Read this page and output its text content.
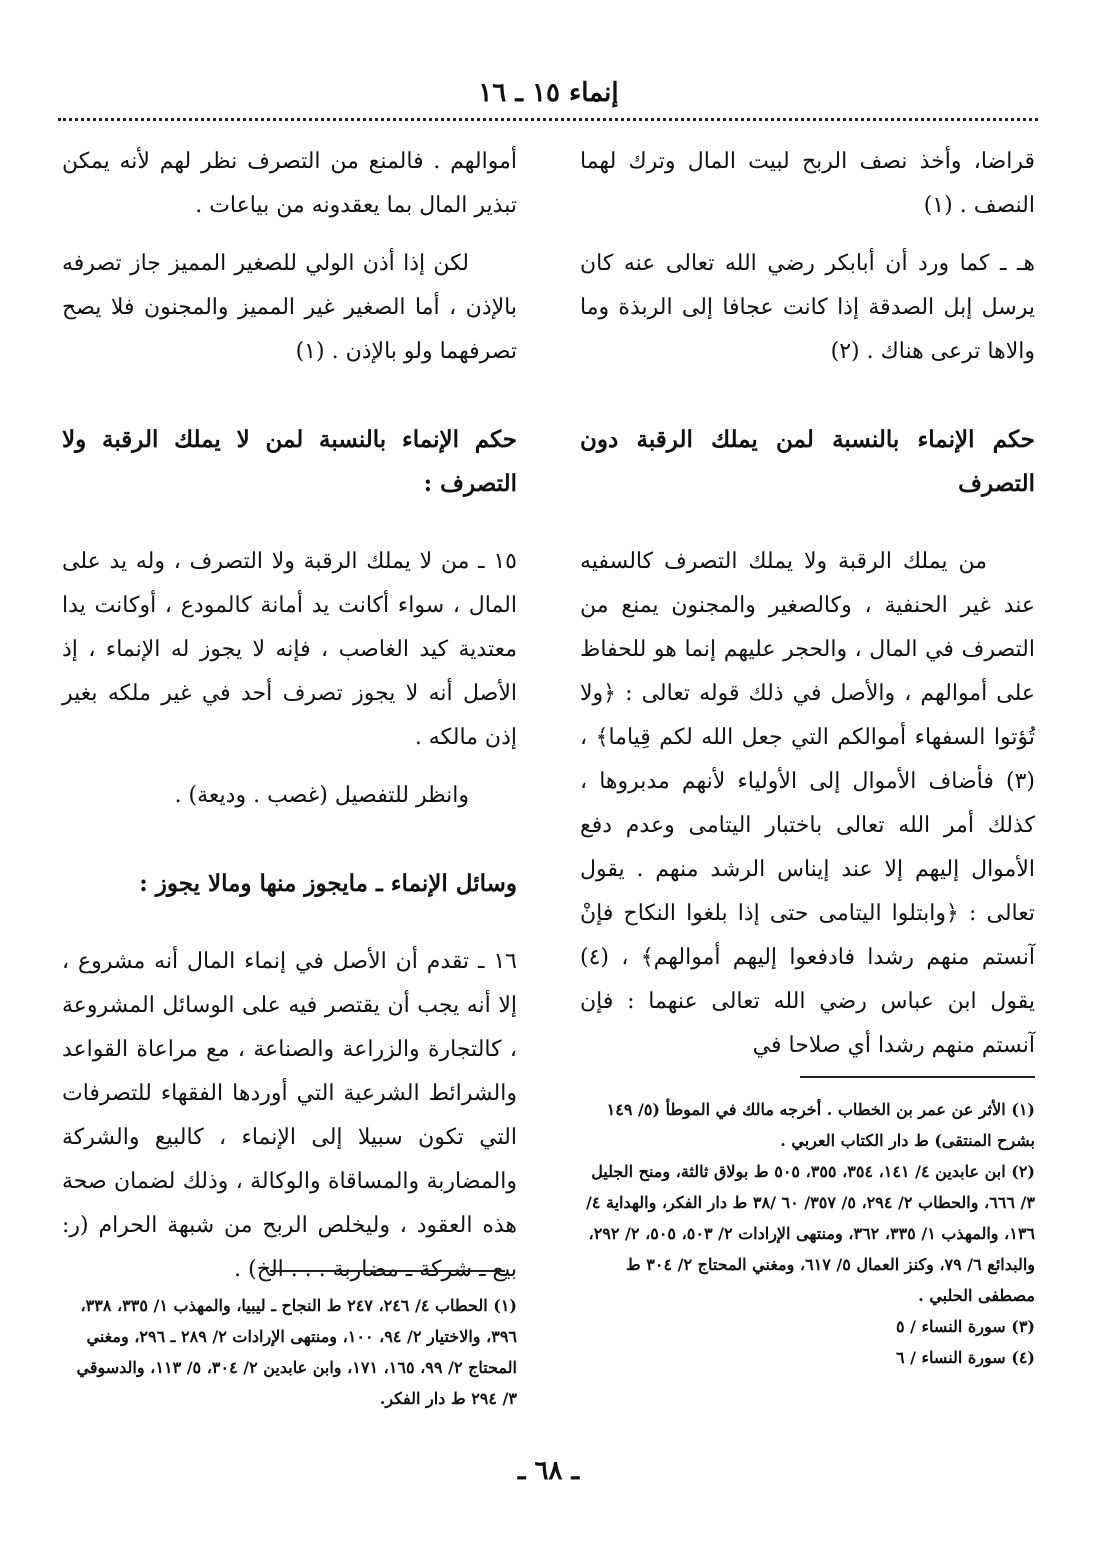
إنماء ١٥ ـ ١٦

قراضا، وأخذ نصف الربح لبيت المال وترك لهما النصف . (١)

هـ ـ كما ورد أن أبابكر رضي الله تعالى عنه كان يرسل إبل الصدقة إذا كانت عجافا إلى الربذة وما والاها ترعى هناك . (٢)

حكم الإنماء بالنسبة لمن يملك الرقبة دون التصرف

من يملك الرقبة ولا يملك التصرف كالسفيه عند غير الحنفية ، وكالصغير والمجنون يمنع من التصرف في المال ، والحجر عليهم إنما هو للحفاظ على أموالهم ، والأصل في ذلك قوله تعالى : ﴿ولا تُؤتوا السفهاء أموالكم التي جعل الله لكم قِياما﴾ ، (٣) فأضاف الأموال إلى الأولياء لأنهم مدبروها ، كذلك أمر الله تعالى باختبار اليتامى وعدم دفع الأموال إليهم إلا عند إيناس الرشد منهم . يقول تعالى : ﴿وابتلوا اليتامى حتى إذا بلغوا النكاح فإنْ آنستم منهم رشدا فادفعوا إليهم أموالهم﴾ ، (٤) يقول ابن عباس رضي الله تعالى عنهما : فإن آنستم منهم رشدا أي صلاحا في

أموالهم . فالمنع من التصرف نظر لهم لأنه يمكن تبذير المال بما يعقدونه من بياعات .

لكن إذا أذن الولي للصغير المميز جاز تصرفه بالإذن ، أما الصغير غير المميز والمجنون فلا يصح تصرفهما ولو بالإذن . (١)

حكم الإنماء بالنسبة لمن لا يملك الرقبة ولا التصرف :

١٥ ـ من لا يملك الرقبة ولا التصرف ، وله يد على المال ، سواء أكانت يد أمانة كالمودع ، أوكانت يدا معتدية كيد الغاصب ، فإنه لا يجوز له الإنماء ، إذ الأصل أنه لا يجوز تصرف أحد في غير ملكه بغير إذن مالكه .

وانظر للتفصيل (غصب . وديعة) .

وسائل الإنماء ـ مايجوز منها ومالا يجوز :

١٦ ـ تقدم أن الأصل في إنماء المال أنه مشروع ، إلا أنه يجب أن يقتصر فيه على الوسائل المشروعة ، كالتجارة والزراعة والصناعة ، مع مراعاة القواعد والشرائط الشرعية التي أوردها الفقهاء للتصرفات التي تكون سبيلا إلى الإنماء ، كالبيع والشركة والمضاربة والمساقاة والوكالة ، وذلك لضمان صحة هذه العقود ، وليخلص الربح من شبهة الحرام (ر: بيع ـ شركة ـ مضاربة . . . الخ) .

(١) الأثر عن عمر بن الخطاب . أخرجه مالك في الموطأ (٥/ ١٤٩ بشرح المنتقى) ط دار الكتاب العربي .
(٢) ابن عابدين ٤/ ١٤١، ٣٥٤، ٣٥٥، ٥٠٥ ط بولاق ثالثة، ومنح الجليل ٣/ ٦٦٦، والحطاب ٢/ ٢٩٤، ٥/ ٣٥٧/ ٦٠ /٣٨ ط دار الفكر، والهداية ٤/ ١٣٦، والمهذب ١/ ٣٣٥، ٣٦٢، ومنتهى الإرادات ٢/ ٥٠٣، ٥٠٥، ٢/ ٢٩٢، والبدائع ٦/ ٧٩، وكنز العمال ٥/ ٦١٧، ومغني المحتاج ٢/ ٣٠٤ ط مصطفى الحلبي .
(٣) سورة النساء / ٥
(٤) سورة النساء / ٦
(١) الحطاب ٤/ ٢٤٦، ٢٤٧ ط النجاح ـ ليبيا، والمهذب ١/ ٣٣٥، ٣٣٨، ٣٩٦، والاختيار ٢/ ٩٤، ١٠٠، ومنتهى الإرادات ٢/ ٢٨٩ ـ ٢٩٦، ومغني المحتاج ٢/ ٩٩، ١٦٥، ١٧١، وابن عابدين ٢/ ٣٠٤، ٥/ ١١٣، والدسوقي ٣/ ٢٩٤ ط دار الفكر.
ـ ٦٨ ـ
